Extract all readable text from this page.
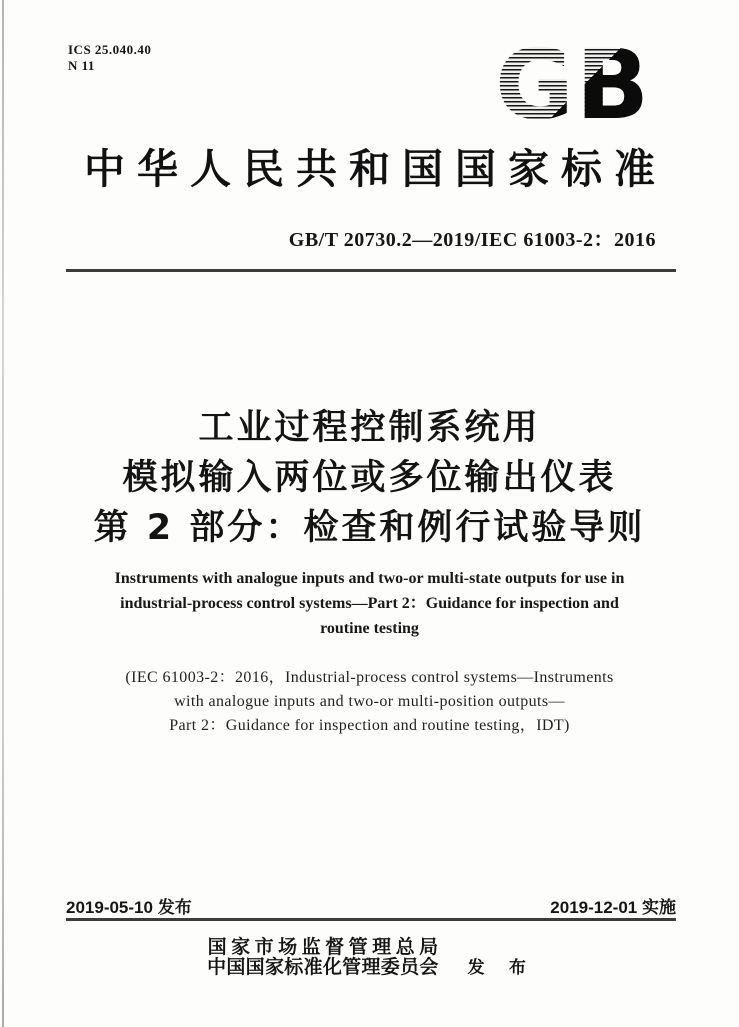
ICS 25.040.40
N 11	GB
中华人民共和国国家标准
GB/T 20730.2—2019/IEC 61003-2：2016
工业过程控制系统用
模拟输入两位或多位输出仪表
第 2 部分：检查和例行试验导则
Instruments with analogue inputs and two-or multi-state outputs for use in
industrial-process control systems—Part 2：Guidance for inspection and
routine testing
(IEC 61003-2：2016，Industrial-process control systems—Instruments
with analogue inputs and two-or multi-position outputs—
Part 2：Guidance for inspection and routine testing，IDT)
2019-05-10 发布	2019-12-01 实施
国家市场监督管理总局
中国国家标准化管理委员会	发 布
